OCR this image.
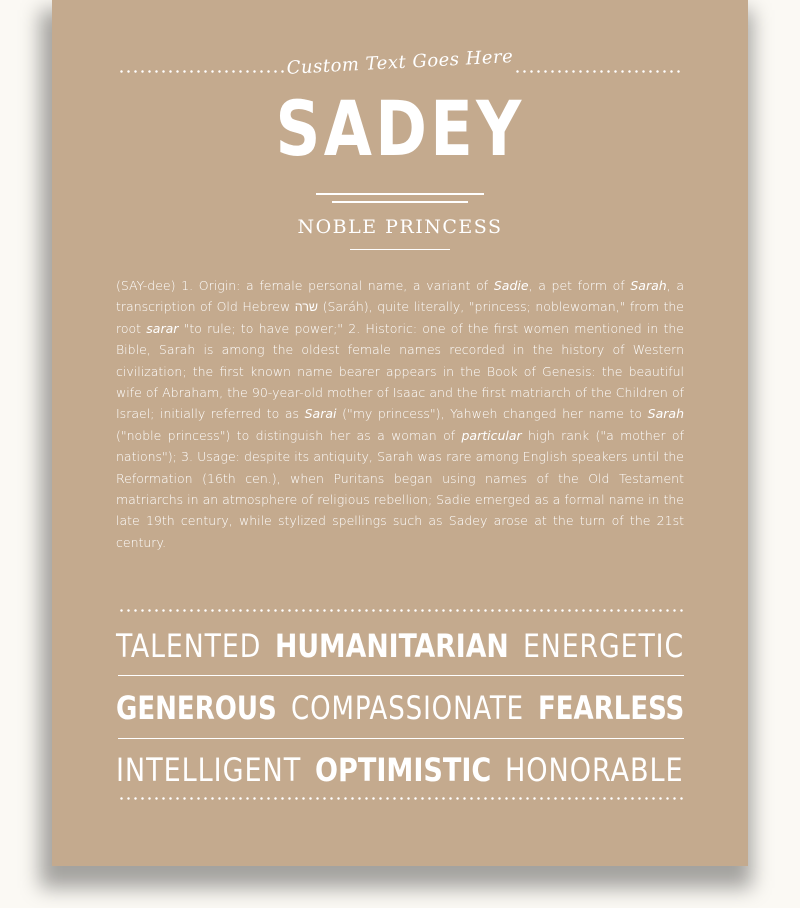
Custom Text Goes Here
SADEY
NOBLE PRINCESS
(SAY-dee) 1. Origin: a female personal name, a variant of Sadie, a pet form of Sarah, a transcription of Old Hebrew שרה (Saráh), quite literally, "princess; noblewoman," from the root sarar "to rule; to have power;" 2. Historic: one of the first women mentioned in the Bible, Sarah is among the oldest female names recorded in the history of Western civilization; the first known name bearer appears in the Book of Genesis: the beautiful wife of Abraham, the 90-year-old mother of Isaac and the first matriarch of the Children of Israel; initially referred to as Sarai ("my princess"), Yahweh changed her name to Sarah ("noble princess") to distinguish her as a woman of particular high rank ("a mother of nations"); 3. Usage: despite its antiquity, Sarah was rare among English speakers until the Reformation (16th cen.), when Puritans began using names of the Old Testament matriarchs in an atmosphere of religious rebellion; Sadie emerged as a formal name in the late 19th century, while stylized spellings such as Sadey arose at the turn of the 21st century.
TALENTED HUMANITARIAN ENERGETIC
GENEROUS COMPASSIONATE FEARLESS
INTELLIGENT OPTIMISTIC HONORABLE
